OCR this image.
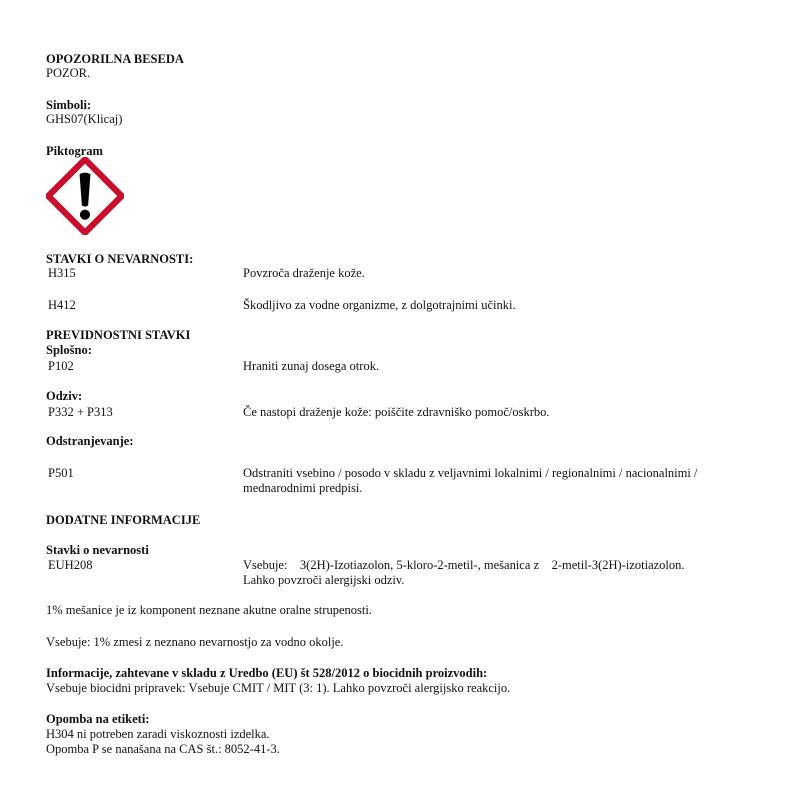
OPOZORILNA BESEDA
POZOR.
Simboli:
GHS07(Klicaj)
Piktogram
STAVKI O NEVARNOSTI:
H315	Povzroča draženje kože.
H412	Škodljivo za vodne organizme, z dolgotrajnimi učinki.
PREVIDNOSTNI STAVKI
Splošno:
P102	Hraniti zunaj dosega otrok.
Odziv:
P332 + P313	Če nastopi draženje kože: poiščite zdravniško pomoč/oskrbo.
Odstranjevanje:
P501	Odstraniti vsebino / posodo v skladu z veljavnimi lokalnimi / regionalnimi / nacionalnimi / mednarodnimi predpisi.
DODATNE INFORMACIJE
Stavki o nevarnosti
EUH208	Vsebuje:    3(2H)-Izotiazolon, 5-kloro-2-metil-, mešanica z    2-metil-3(2H)-izotiazolon.
Lahko povzroči alergijski odziv.
1% mešanice je iz komponent neznane akutne oralne strupenosti.
Vsebuje: 1% zmesi z neznano nevarnostjo za vodno okolje.
Informacije, zahtevane v skladu z Uredbo (EU) št 528/2012 o biocidnih proizvodih:
Vsebuje biocidni pripravek: Vsebuje CMIT / MIT (3: 1). Lahko povzroči alergijsko reakcijo.
Opomba na etiketi:
H304 ni potreben zaradi viskoznosti izdelka.
Opomba P se nanašana na CAS št.: 8052-41-3.
